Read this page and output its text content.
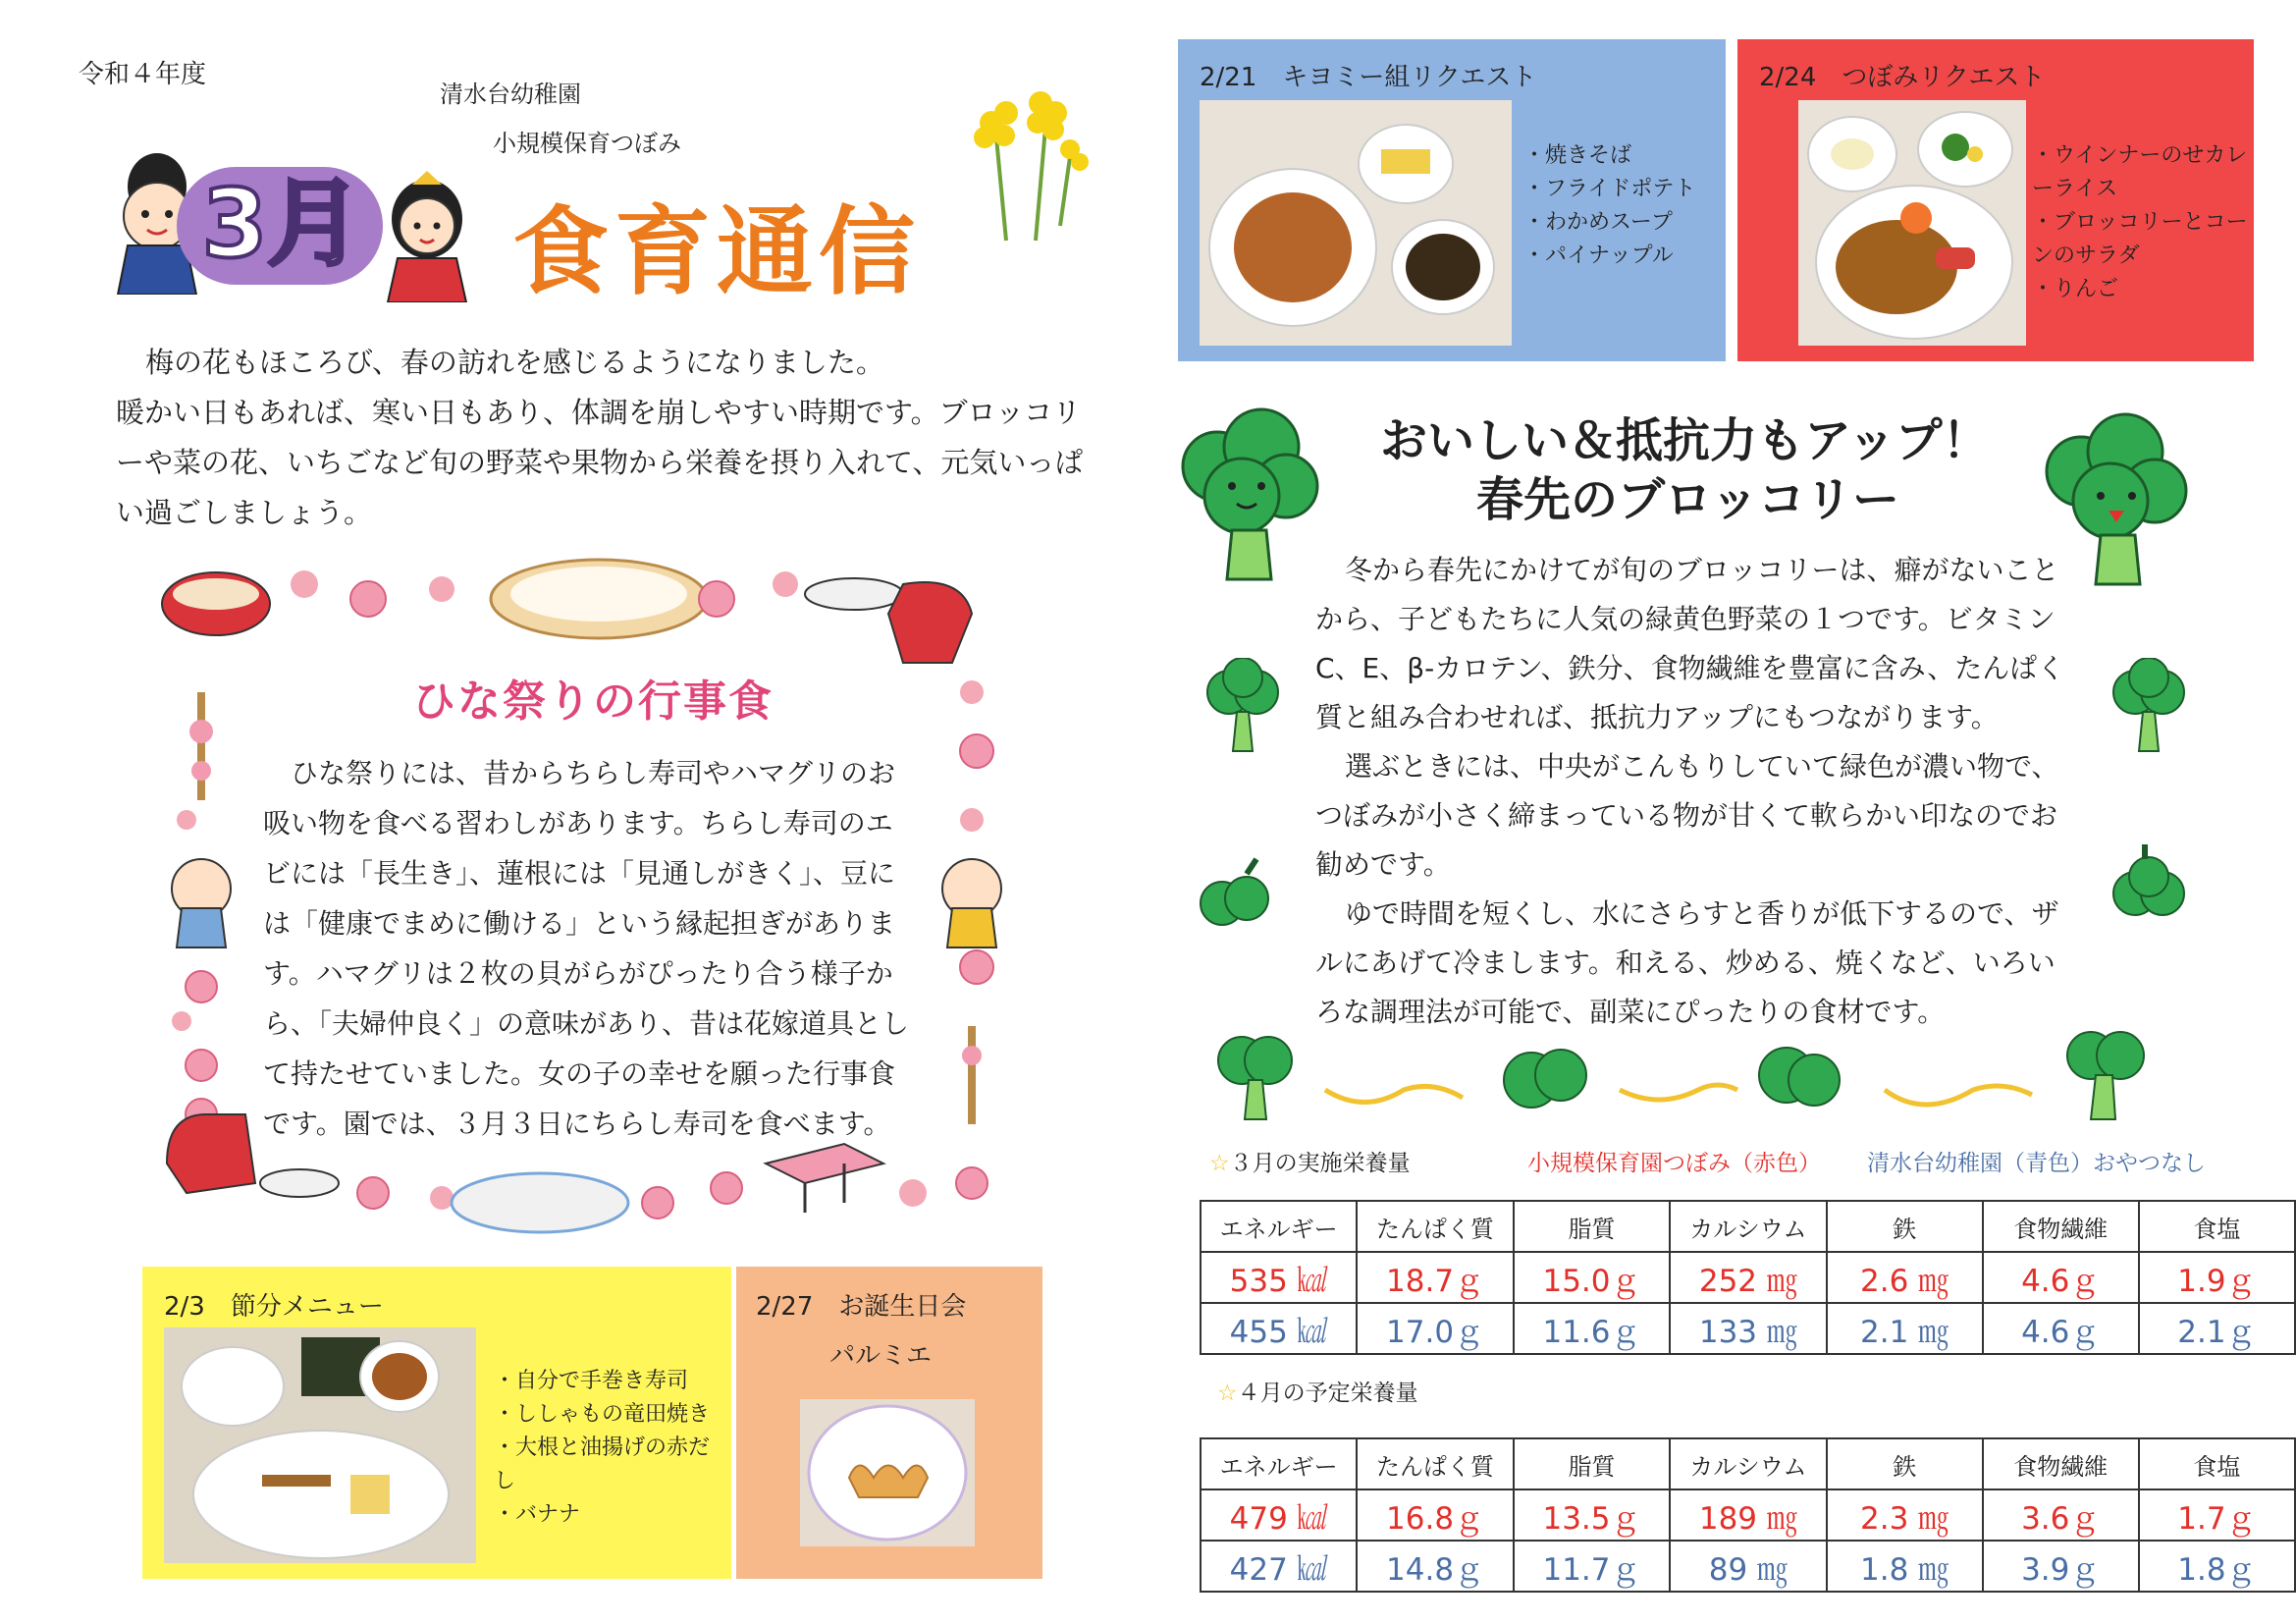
令和４年度
清水台幼稚園
小規模保育つぼみ
3月 食育通信

梅の花もほころび、春の訪れを感じるようになりました。

暖かい日もあれば、寒い日もあり、体調を崩しやすい時期です。ブロッコリーや菜の花、いちごなど旬の野菜や果物から栄養を摂り入れて、元気いっぱい過ごしましょう。

ひな祭りの行事食

ひな祭りには、昔からちらし寿司やハマグリのお吸い物を食べる習わしがあります。ちらし寿司のエビには「長生き」、蓮根には「見通しがきく」、豆には「健康でまめに働ける」という縁起担ぎがあります。ハマグリは２枚の貝がらがぴったり合う様子から、「夫婦仲良く」の意味があり、昔は花嫁道具として持たせていました。女の子の幸せを願った行事食です。園では、３月３日にちらし寿司を食べます。

2/3　節分メニュー
・ 自分で手巻き寿司
・ ししゃもの竜田焼き
・ 大根と油揚げの赤だし
・ バナナ
2/27　お誕生日会
パルミエ
2/21　キヨミー組リクエスト
・ 焼きそば
・ フライドポテト
・ わかめスープ
・ パイナップル
2/24　つぼみリクエスト
・ ウインナーのせカレーライス
・ ブロッコリーとコーンのサラダ
・ りんご
おいしい＆抵抗力もアップ！
春先のブロッコリー

冬から春先にかけてが旬のブロッコリーは、癖がないことから、子どもたちに人気の緑黄色野菜の１つです。ビタミンC、E、β-カロテン、鉄分、食物繊維を豊富に含み、たんぱく質と組み合わせれば、抵抗力アップにもつながります。

選ぶときには、中央がこんもりしていて緑色が濃い物で、つぼみが小さく締まっている物が甘くて軟らかい印なのでお勧めです。

ゆで時間を短くし、水にさらすと香りが低下するので、ザルにあげて冷まします。和える、炒める、焼くなど、いろいろな調理法が可能で、副菜にぴったりの食材です。

☆３月の実施栄養量	小規模保育園つぼみ（赤色） 清水台幼稚園（青色）おやつなし
エネルギー	たんぱく質	脂質	カルシウム	鉄	食物繊維	食塩
535 ㎉	18.7ｇ	15.0ｇ	252 ㎎	2.6 ㎎	4.6ｇ	1.9ｇ
455 ㎉	17.0ｇ	11.6ｇ	133 ㎎	2.1 ㎎	4.6ｇ	2.1ｇ
☆４月の予定栄養量
エネルギー	たんぱく質	脂質	カルシウム	鉄	食物繊維	食塩
479 ㎉	16.8ｇ	13.5ｇ	189 ㎎	2.3 ㎎	3.6ｇ	1.7ｇ
427 ㎉	14.8ｇ	11.7ｇ	89 ㎎	1.8 ㎎	3.9ｇ	1.8ｇ
